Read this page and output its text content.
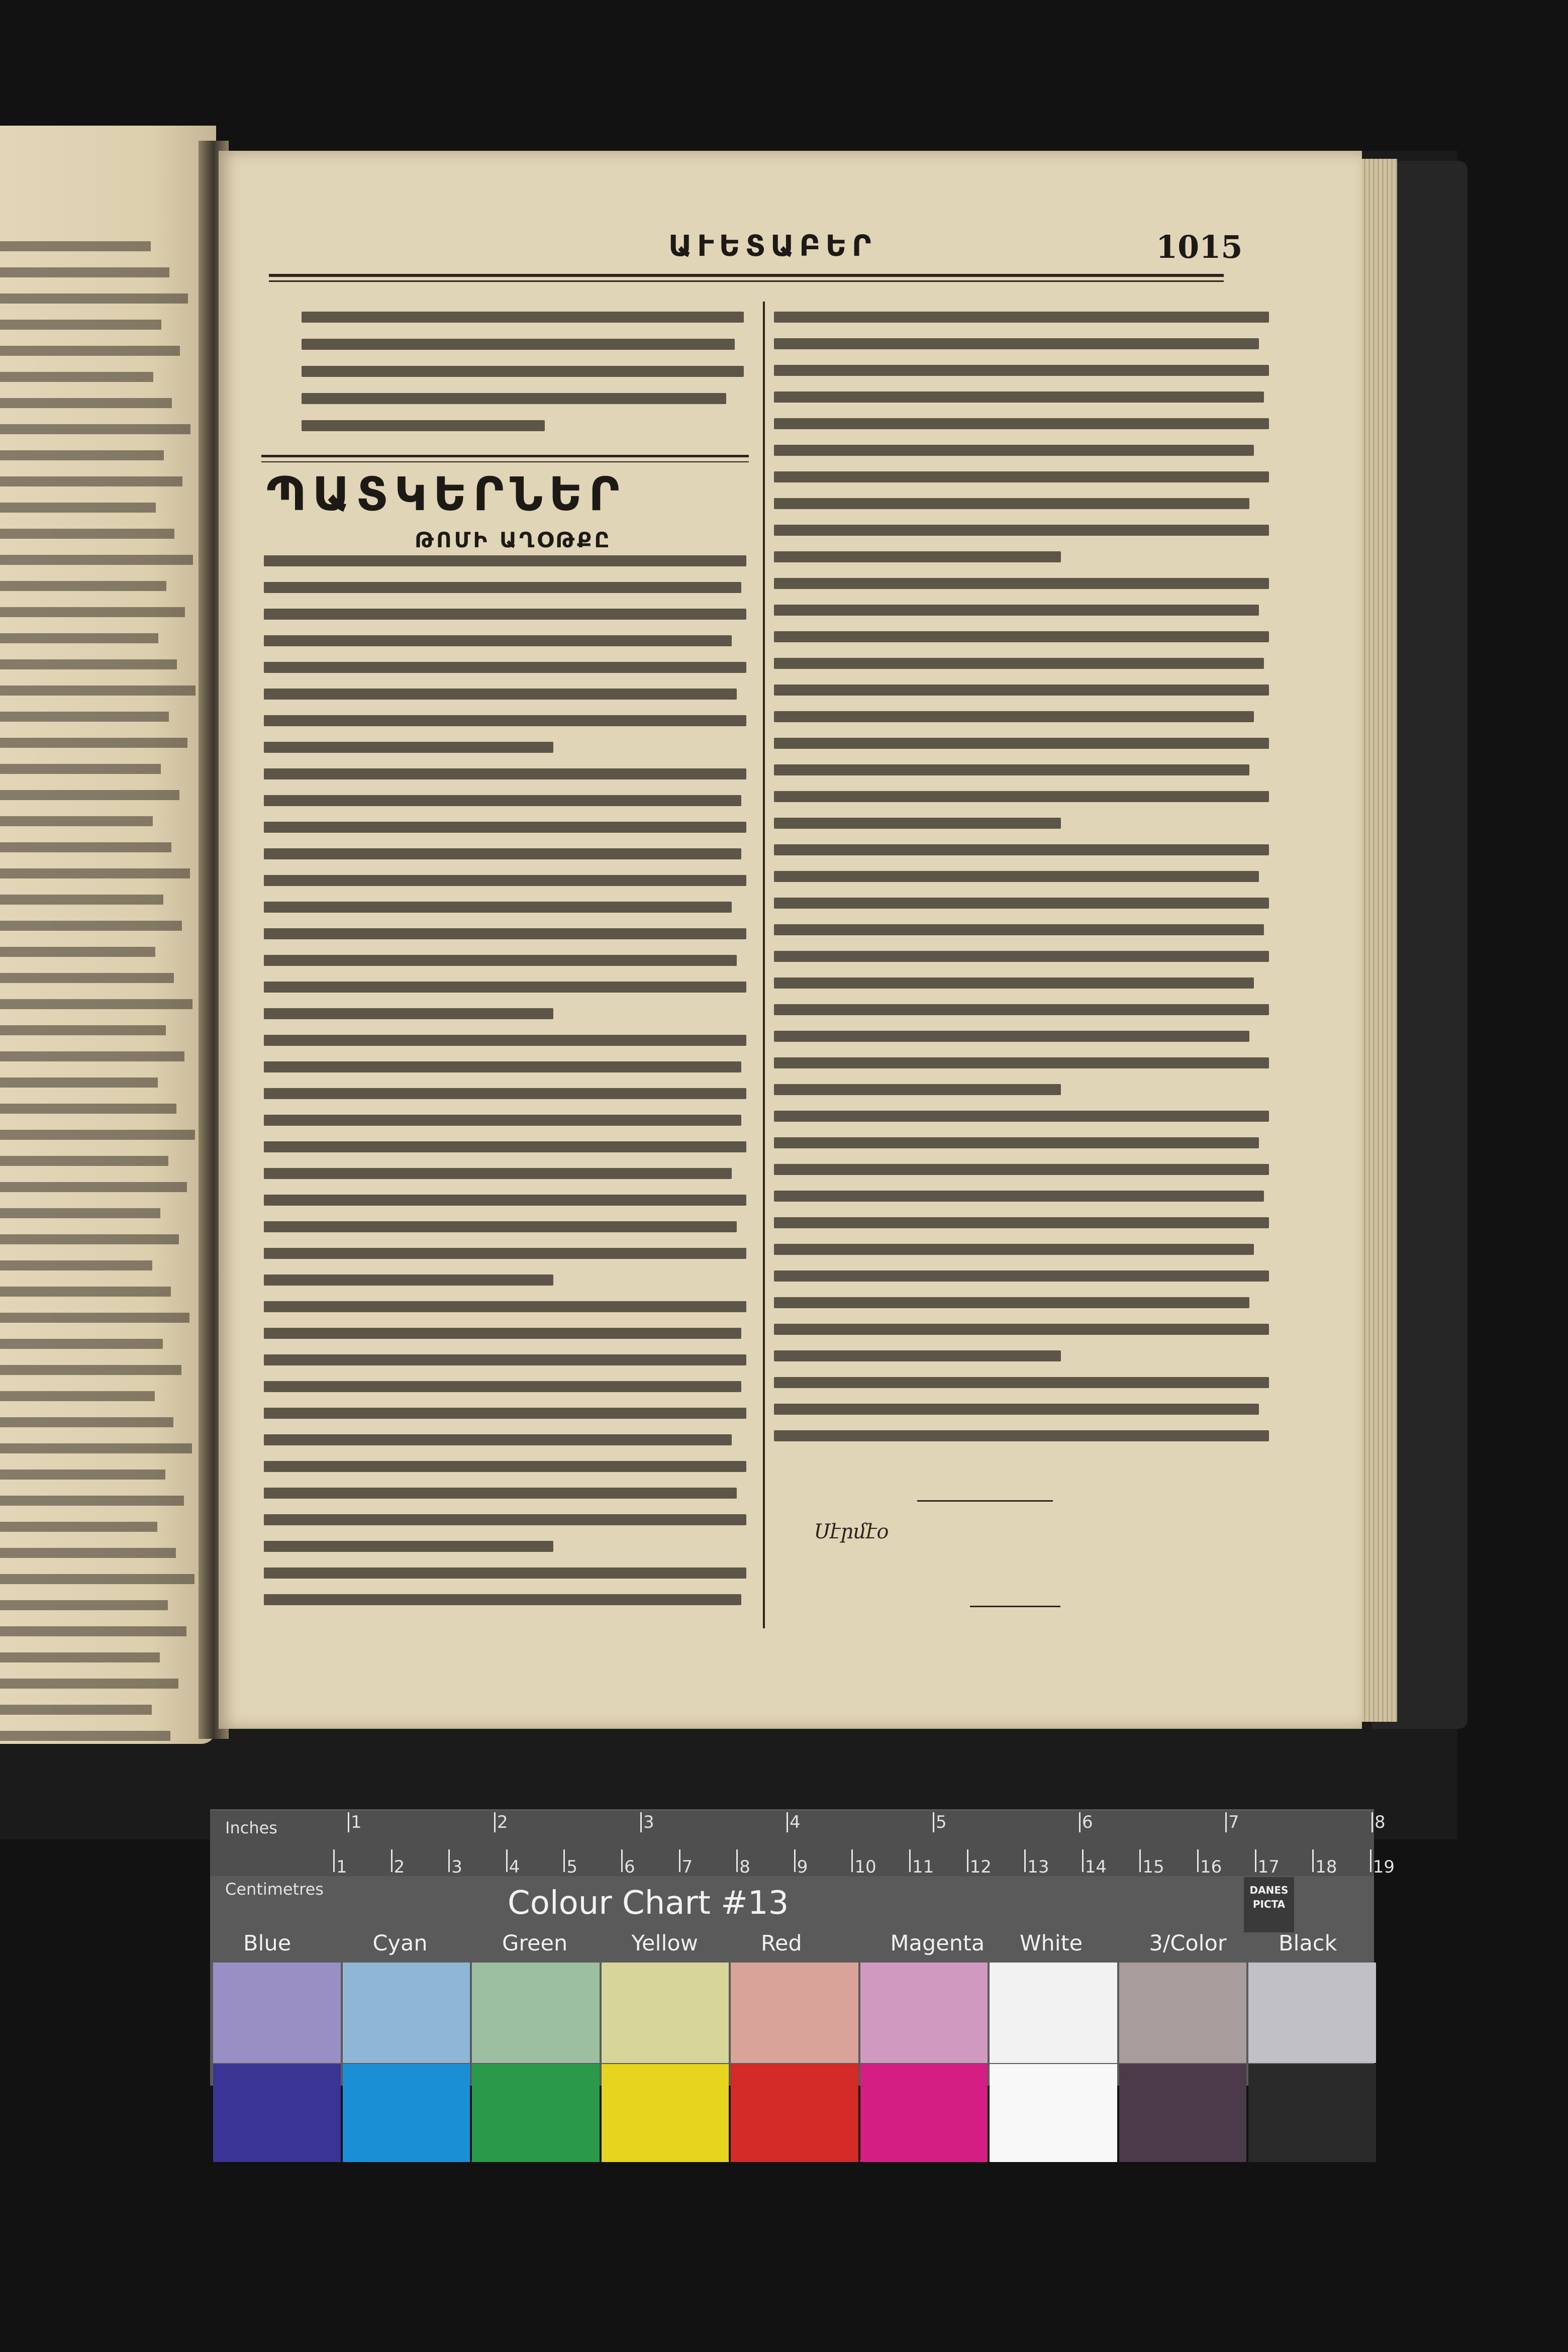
ԱՒԵՏԱԲԵՐ	1015
ՊԱՏԿԵՐՆԵՐ
ԹՈՄԻ ԱՂՕԹՔԸ
Սէրմէօ
Inches
Centimetres	Colour Chart #13	DANES PICTA
Blue	Cyan	Green	Yellow	Red	Magenta White	3/Color Black
1	2	3	4	5	6	7	8
1	2	3	4	5	6	7	8	9	10 11 12 13 14 15 16 17 18 19
